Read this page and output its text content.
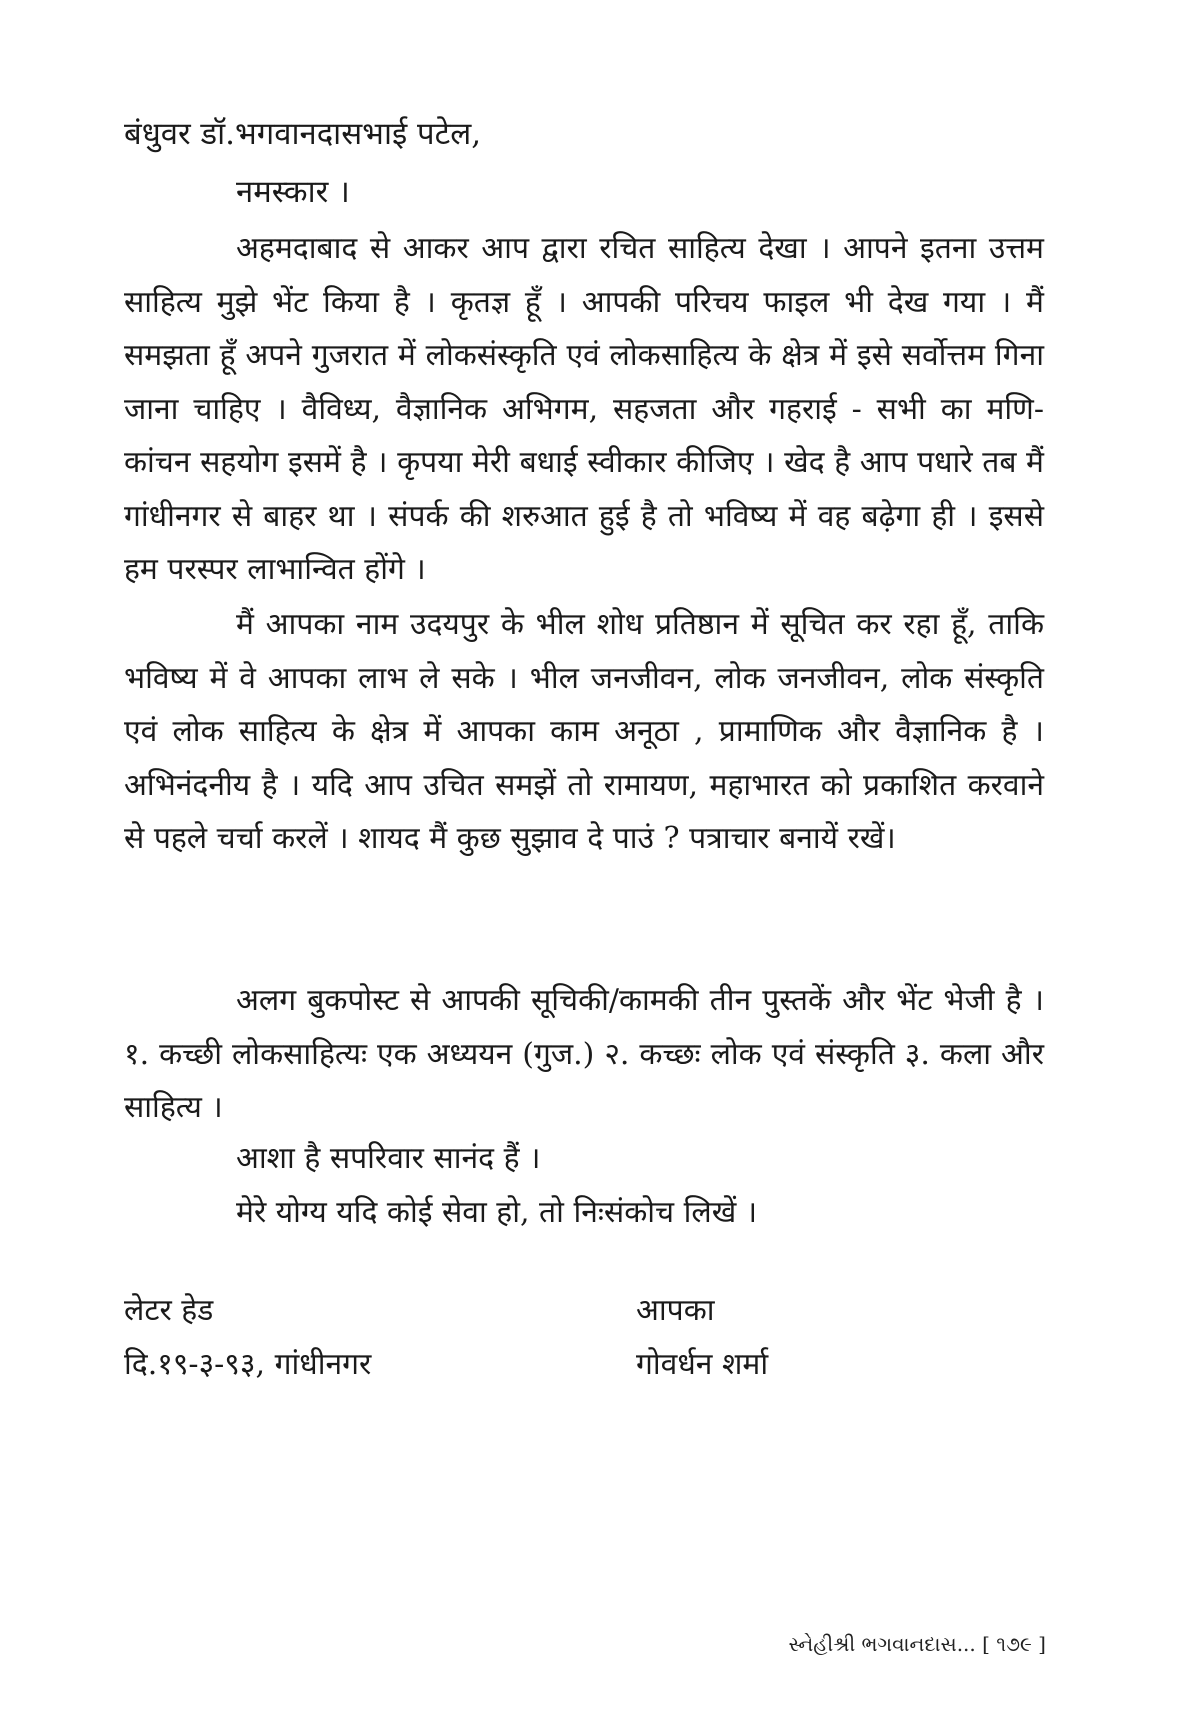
बंधुवर डॉ.भगवानदासभाई पटेल,
नमस्कार ।

अहमदाबाद से आकर आप द्वारा रचित साहित्य देखा । आपने इतना उत्तम साहित्य मुझे भेंट किया है । कृतज्ञ हूँ । आपकी परिचय फाइल भी देख गया । मैं समझता हूँ अपने गुजरात में लोकसंस्कृति एवं लोकसाहित्य के क्षेत्र में इसे सर्वोत्तम गिना जाना चाहिए । वैविध्य, वैज्ञानिक अभिगम, सहजता और गहराई - सभी का मणि-कांचन सहयोग इसमें है । कृपया मेरी बधाई स्वीकार कीजिए । खेद है आप पधारे तब मैं गांधीनगर से बाहर था । संपर्क की शरुआत हुई है तो भविष्य में वह बढ़ेगा ही । इससे हम परस्पर लाभान्वित होंगे ।

मैं आपका नाम उदयपुर के भील शोध प्रतिष्ठान में सूचित कर रहा हूँ, ताकि भविष्य में वे आपका लाभ ले सके । भील जनजीवन, लोक जनजीवन, लोक संस्कृति एवं लोक साहित्य के क्षेत्र में आपका काम अनूठा , प्रामाणिक और वैज्ञानिक है । अभिनंदनीय है । यदि आप उचित समझें तो रामायण, महाभारत को प्रकाशित करवाने से पहले चर्चा करलें । शायद मैं कुछ सुझाव दे पाउं ? पत्राचार बनायें रखें।

अलग बुकपोस्ट से आपकी सूचिकी/कामकी तीन पुस्तकें और भेंट भेजी है । १. कच्छी लोकसाहित्यः एक अध्ययन (गुज.) २. कच्छः लोक एवं संस्कृति ३. कला और साहित्य ।

आशा है सपरिवार सानंद हैं ।
मेरे योग्य यदि कोई सेवा हो, तो निःसंकोच लिखें ।
लेटर हेड
दि.१९-३-९३, गांधीनगर
आपका
गोवर्धन शर्मा
સ્નેહીશ્રી ભગવાનદાસ... [ ૧૭૯ ]
